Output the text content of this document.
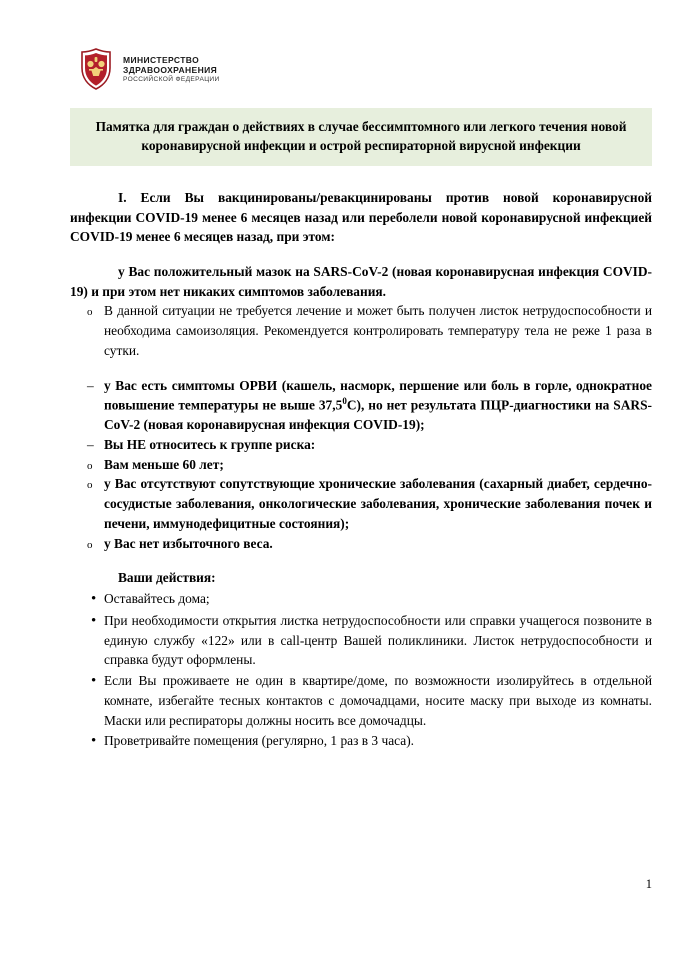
МИНИСТЕРСТВО
ЗДРАВООХРАНЕНИЯ
РОССИЙСКОЙ ФЕДЕРАЦИИ

Памятка для граждан о действиях в случае бессимптомного или легкого течения новой коронавирусной инфекции и острой респираторной вирусной инфекции

I. Если Вы вакцинированы/ревакцинированы против новой коронавирусной инфекции COVID-19 менее 6 месяцев назад или переболели новой коронавирусной инфекцией COVID-19 менее 6 месяцев назад, при этом:

у Вас положительный мазок на SARS-CoV-2 (новая коронавирусная инфекция COVID-19) и при этом нет никаких симптомов заболевания.

o В данной ситуации не требуется лечение и может быть получен листок нетрудоспособности и необходима самоизоляция. Рекомендуется контролировать температуру тела не реже 1 раза в сутки.
– у Вас есть симптомы ОРВИ (кашель, насморк, першение или боль в горле, однократное повышение температуры не выше 37,5$^0$С), но нет результата ПЦР-диагностики на SARS-CoV-2 (новая коронавирусная инфекция COVID-19);
– Вы НЕ относитесь к группе риска:
o Вам меньше 60 лет;
o у Вас отсутствуют сопутствующие хронические заболевания (сахарный диабет, сердечно-сосудистые заболевания, онкологические заболевания, хронические заболевания почек и печени, иммунодефицитные состояния);
o у Вас нет избыточного веса.

Ваши действия:

• Оставайтесь дома;
• При необходимости открытия листка нетрудоспособности или справки учащегося позвоните в единую службу «122» или в call-центр Вашей поликлиники. Листок нетрудоспособности и справка будут оформлены.
• Если Вы проживаете не один в квартире/доме, по возможности изолируйтесь в отдельной комнате, избегайте тесных контактов с домочадцами, носите маску при выходе из комнаты. Маски или респираторы должны носить все домочадцы.
• Проветривайте помещения (регулярно, 1 раз в 3 часа).
1
